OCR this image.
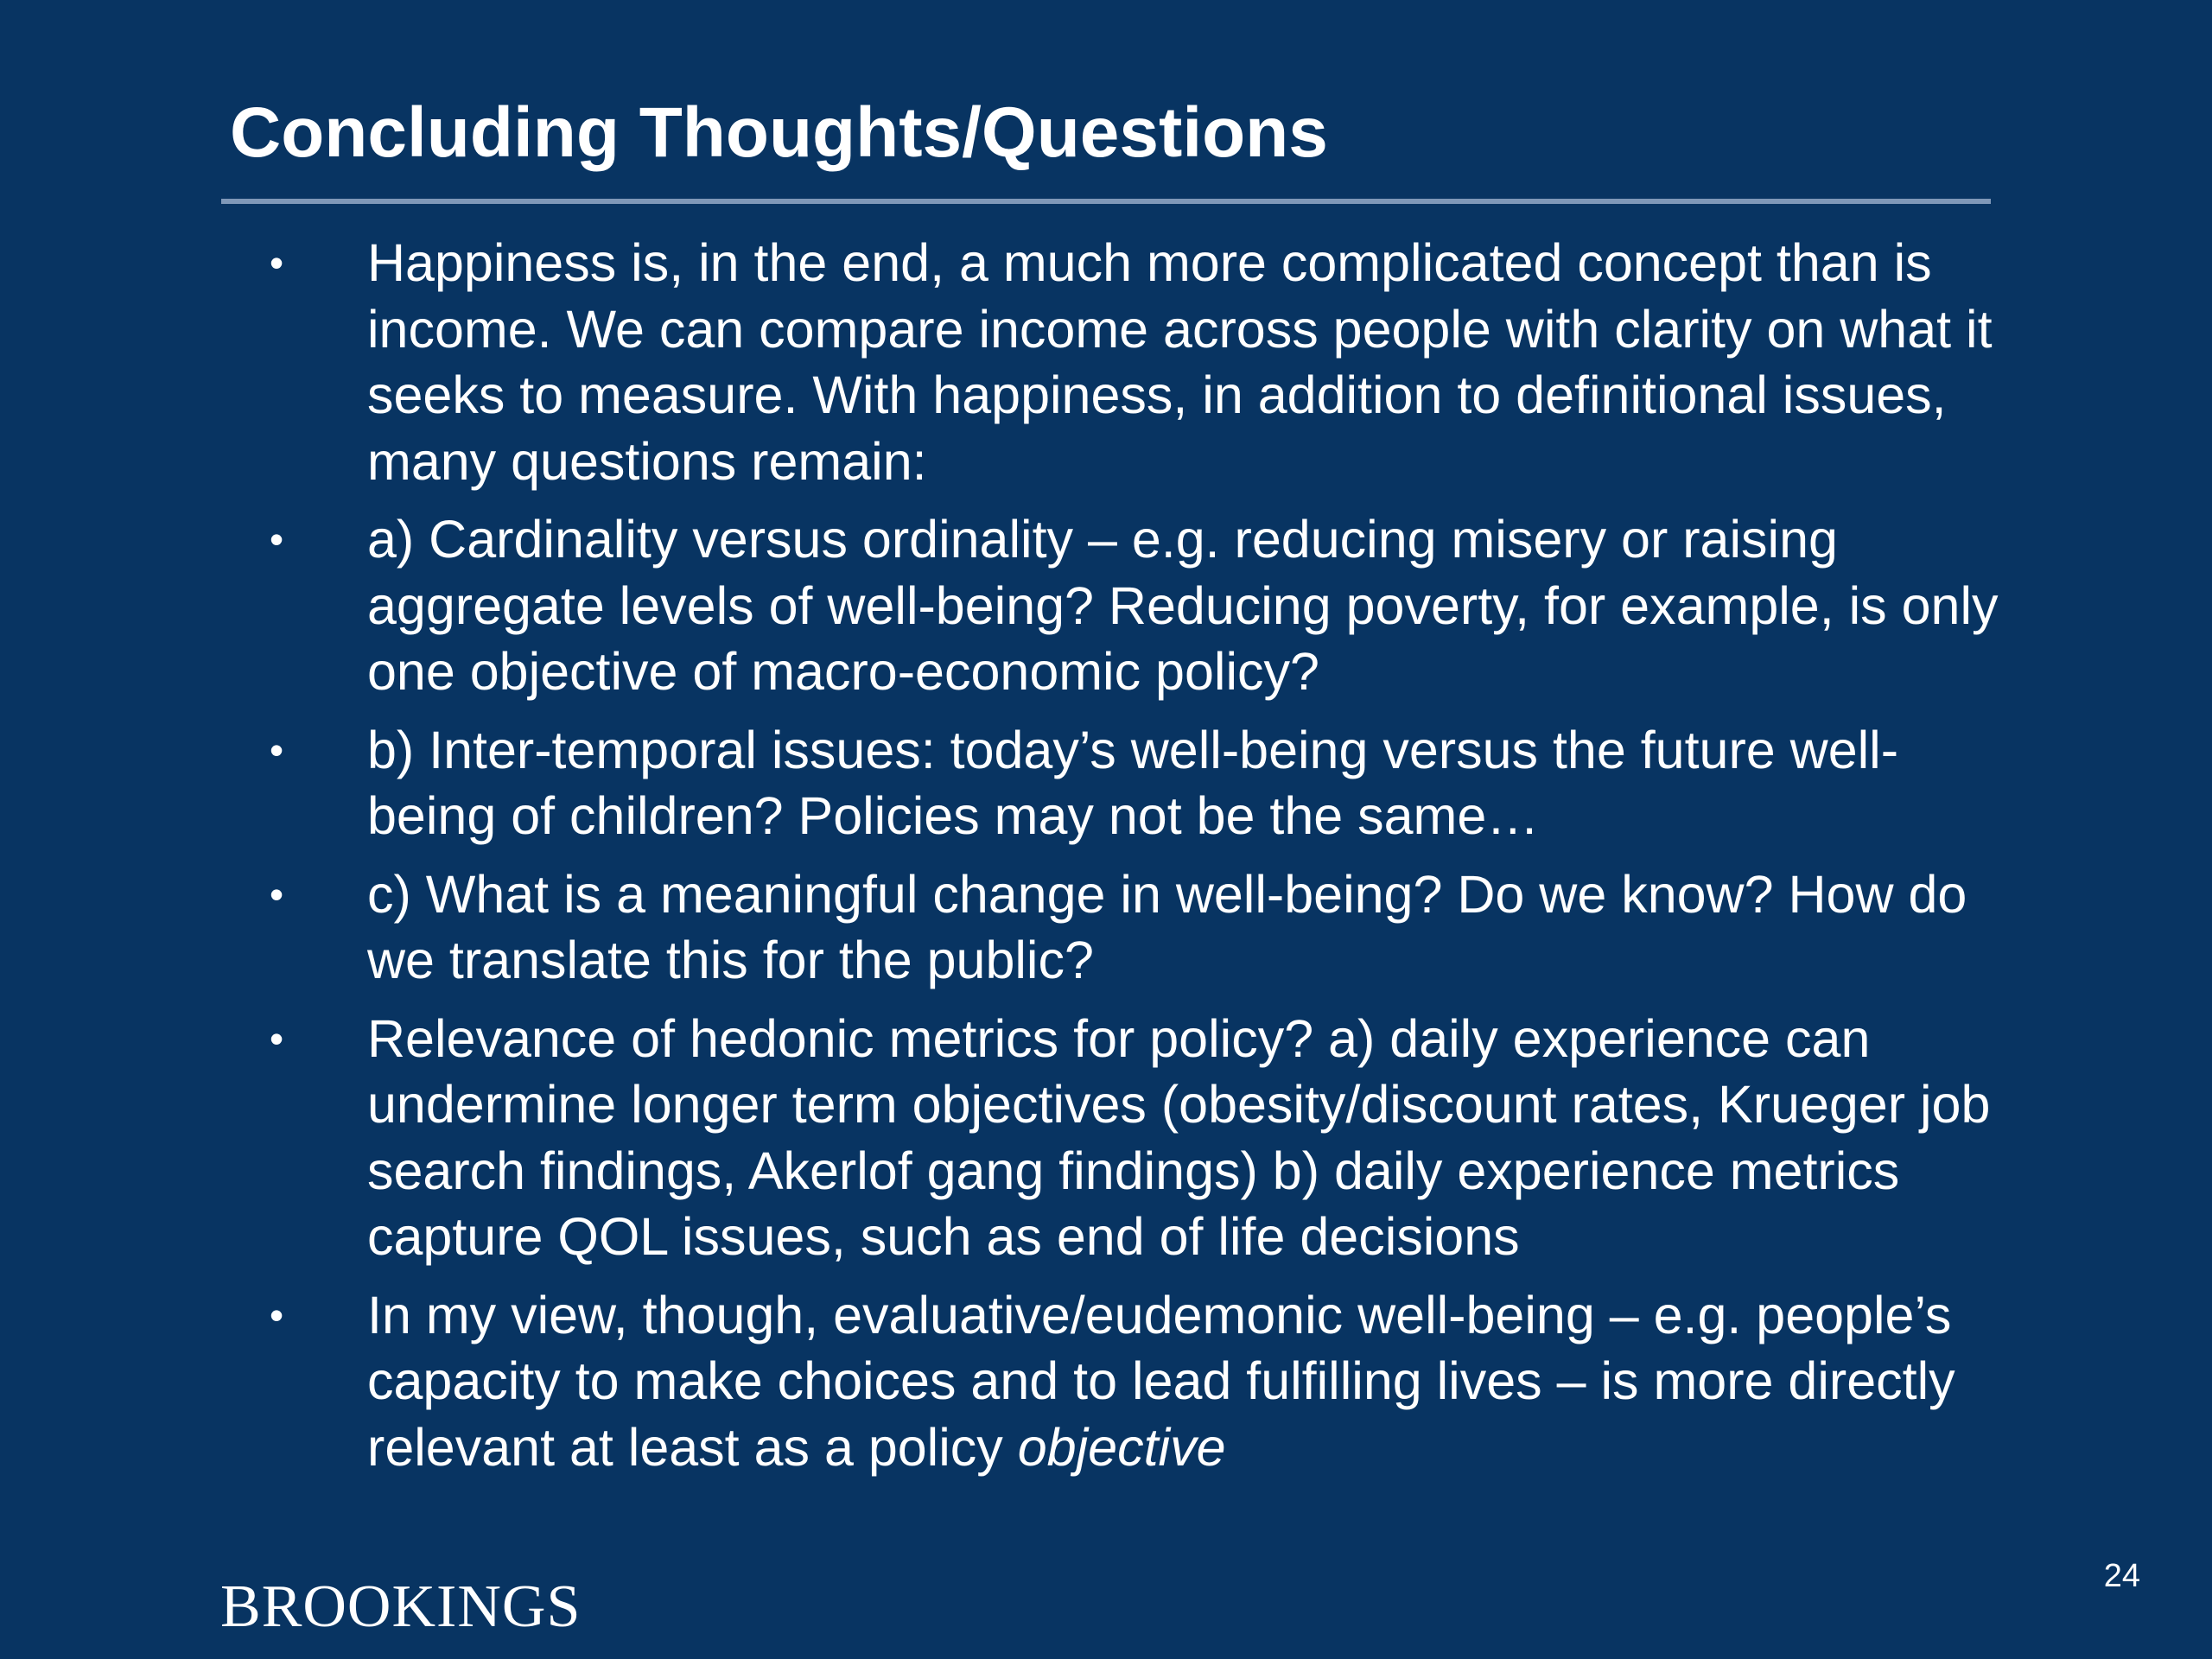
Concluding Thoughts/Questions
•	Happiness is, in the end, a much more complicated concept than is income. We can compare income across people with clarity on what it seeks to measure. With happiness, in addition to definitional issues, many questions remain:
•	a) Cardinality versus ordinality – e.g. reducing misery or raising aggregate levels of well-being? Reducing poverty, for example, is only one objective of macro-economic policy?
•	b) Inter-temporal issues: today’s well-being versus the future well-being of children? Policies may not be the same…
•	c) What is a meaningful change in well-being? Do we know? How do we translate this for the public?
•	Relevance of hedonic metrics for policy? a) daily experience can undermine longer term objectives (obesity/discount rates, Krueger job search findings, Akerlof gang findings) b) daily experience metrics capture QOL issues, such as end of life decisions
•	In my view, though, evaluative/eudemonic well-being – e.g. people’s capacity to make choices and to lead fulfilling lives – is more directly relevant at least as a policy objective
24
BROOKINGS
